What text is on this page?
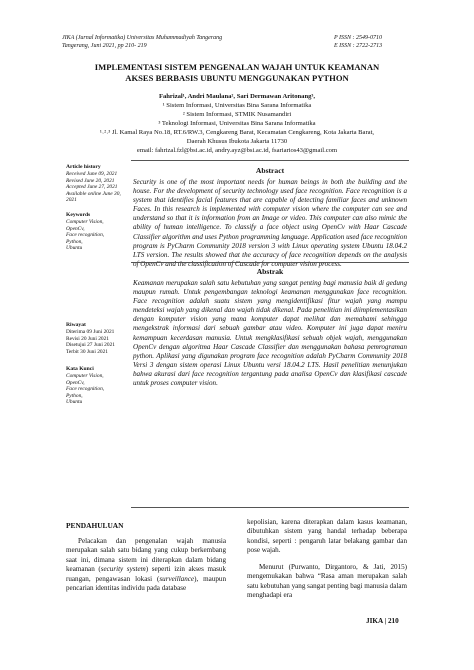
JIKA (Jurnal Informatika) Universitas Muhammadiyah Tangerang
Tangerang, Juni 2021, pp 210- 219
P ISSN : 2549-0710
E ISSN : 2722-2713
IMPLEMENTASI SISTEM PENGENALAN WAJAH UNTUK KEAMANAN
AKSES BERBASIS UBUNTU MENGGUNAKAN PYTHON
Fahrizal¹, Andri Maulana², Sari Dermawan Aritonang³,
¹ Sistem Informasi, Universitas Bina Sarana Informatika
² Sistem Informasi, STMIK Nusamandiri
³ Teknologi Informasi, Universitas Bina Sarana Informatika
¹˒²˒³ Jl. Kamal Raya No.18, RT.6/RW.3, Cengkareng Barat, Kecamatan Cengkareng, Kota Jakarta Barat,
Daerah Khusus Ibukota Jakarta 11730
email: fahrizal.fzl@bsi.ac.id, andry.ayz@bsi.ac.id, fsariarios43@gmail.com
Article history
Received June 09, 2021
Revised June 20, 2021
Accepted June 27, 2021
Available online June 30, 2021
Keywords
Computer Vision,
OpenCv,
Face recognition,
Python,
Ubuntu
Riwayat
Diterima 09 Juni 2021
Revisi 20 Juni 2021
Disetujui 27 Juni 2021
Terbit 30 Juni 2021
Kata Kunci
Computer Vision,
OpenCv,
Face recognition,
Python,
Ubuntu
Abstract
Security is one of the most important needs for human beings in both the building and the house. For the development of security technology used face recognition. Face recognition is a system that identifies facial features that are capable of detecting familiar faces and unknown Faces. In this research is implemented with computer vision where the computer can see and understand so that it is information from an Image or video. This computer can also mimic the ability of human intelligence. To classify a face object using OpenCv with Haar Cascade Classifier algorithm and uses Python programming language. Application used face recognition program is PyCharm Community 2018 version 3 with Linux operating system Ubuntu 18.04.2 LTS version. The results showed that the accuracy of face recognition depends on the analysis of OpenCv and the classification of Cascade for computer vision process.
Abstrak
Keamanan merupakan salah satu kebutuhan yang sangat penting bagi manusia baik di gedung maupun rumah. Untuk pengembangan teknologi keamanan menggunakan face recognition. Face recognition adalah suatu sistem yang mengidentifikasi fitur wajah yang mampu mendeteksi wajah yang dikenal dan wajah tidak dikenal. Pada penelitian ini diimplementasikan dengan komputer vision yang mana komputer dapat melihat dan memahami sehingga mengekstrak informasi dari sebuah gambar atau video. Komputer ini juga dapat meniru kemampuan kecerdasan manusia. Untuk mengklasifikasi sebuah objek wajah, menggunakan OpenCv dengan algoritma Haar Cascade Classifier dan menggunakan bahasa pemrograman python. Aplikasi yang digunakan program face recognition adalah PyCharm Community 2018 Versi 3 dengan sistem operasi Linux Ubuntu versi 18.04.2 LTS. Hasil penelitian menunjukan bahwa akurasi dari face recognition tergantung pada analisa OpenCv dan klasifikasi cascade untuk proses computer vision.
PENDAHULUAN
Pelacakan dan pengenalan wajah manusia merupakan salah satu bidang yang cukup berkembang saat ini, dimana sistem ini diterapkan dalam bidang keamanan (security system) seperti izin akses masuk ruangan, pengawasan lokasi (surveillance), maupun pencarian identitas individu pada database
kepolisian, karena diterapkan dalam kasus keamanan, dibutuhkan sistem yang handal terhadap beberapa kondisi, seperti : pengaruh latar belakang gambar dan pose wajah.
Menurut (Purwanto, Dirgantoro, & Jati, 2015) mengemukakan bahwa “Rasa aman merupakan salah satu kebutuhan yang sangat penting bagi manusia dalam menghadapi era
JIKA | 210
